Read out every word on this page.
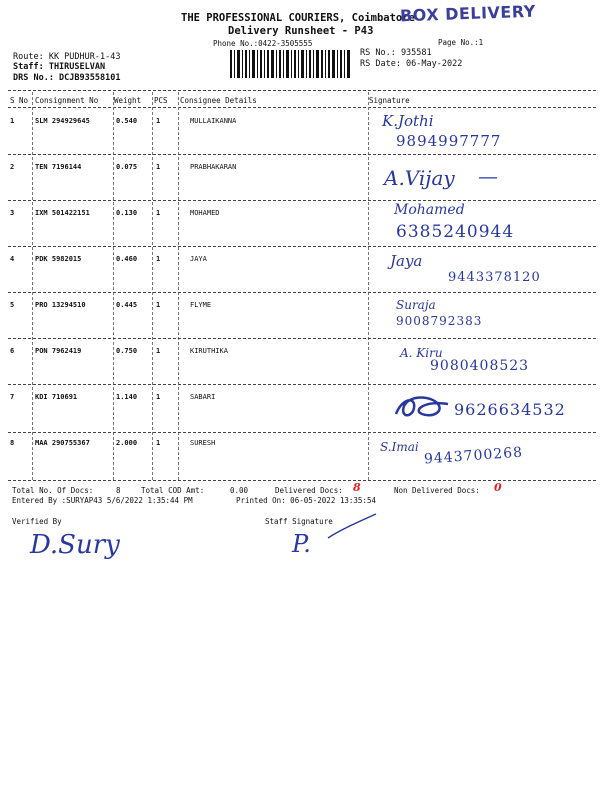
THE PROFESSIONAL COURIERS, Coimbatore
BOX DELIVERY
Delivery Runsheet - P43
Phone No.:0422-3505555	Page No.:1
Route: KK PUDHUR-1-43
Staff: THIRUSELVAN
DRS No.: DCJB93558101
RS No.: 935581
RS Date: 06-May-2022
S No Consignment No Weight PCS Consignee Details	Signature
1	SLM 294929645	0.540	1	MULLAIKANNA	K.Jothi
9894997777
2	TEN 7196144	0.075	1	PRABHAKARAN	A.Vijay —
3	IXM 501422151	0.130	1	MOHAMED	Mohamed
6385240944
4	PDK 5982015	0.460	1	JAYA	Jaya
9443378120
5	PRO 13294510	0.445	1	FLYME	Suraja
9008792383
6	PON 7962419	0.750	1	KIRUTHIKA	A. Kiru
9080408523
7	KDI 710691	1.140	1	SABARI
9626634532
8	MAA 290755367	2.000	1	SURESH	S.Imai 9443700268
Total No. Of Docs:	8	Total COD Amt:	0.00	Delivered Docs: 8	Non Delivered Docs: 0
Entered By :SURYAP43 5/6/2022 1:35:44 PM	Printed On: 06-05-2022 13:35:54
Verified By	Staff Signature
D.Sury	P.
